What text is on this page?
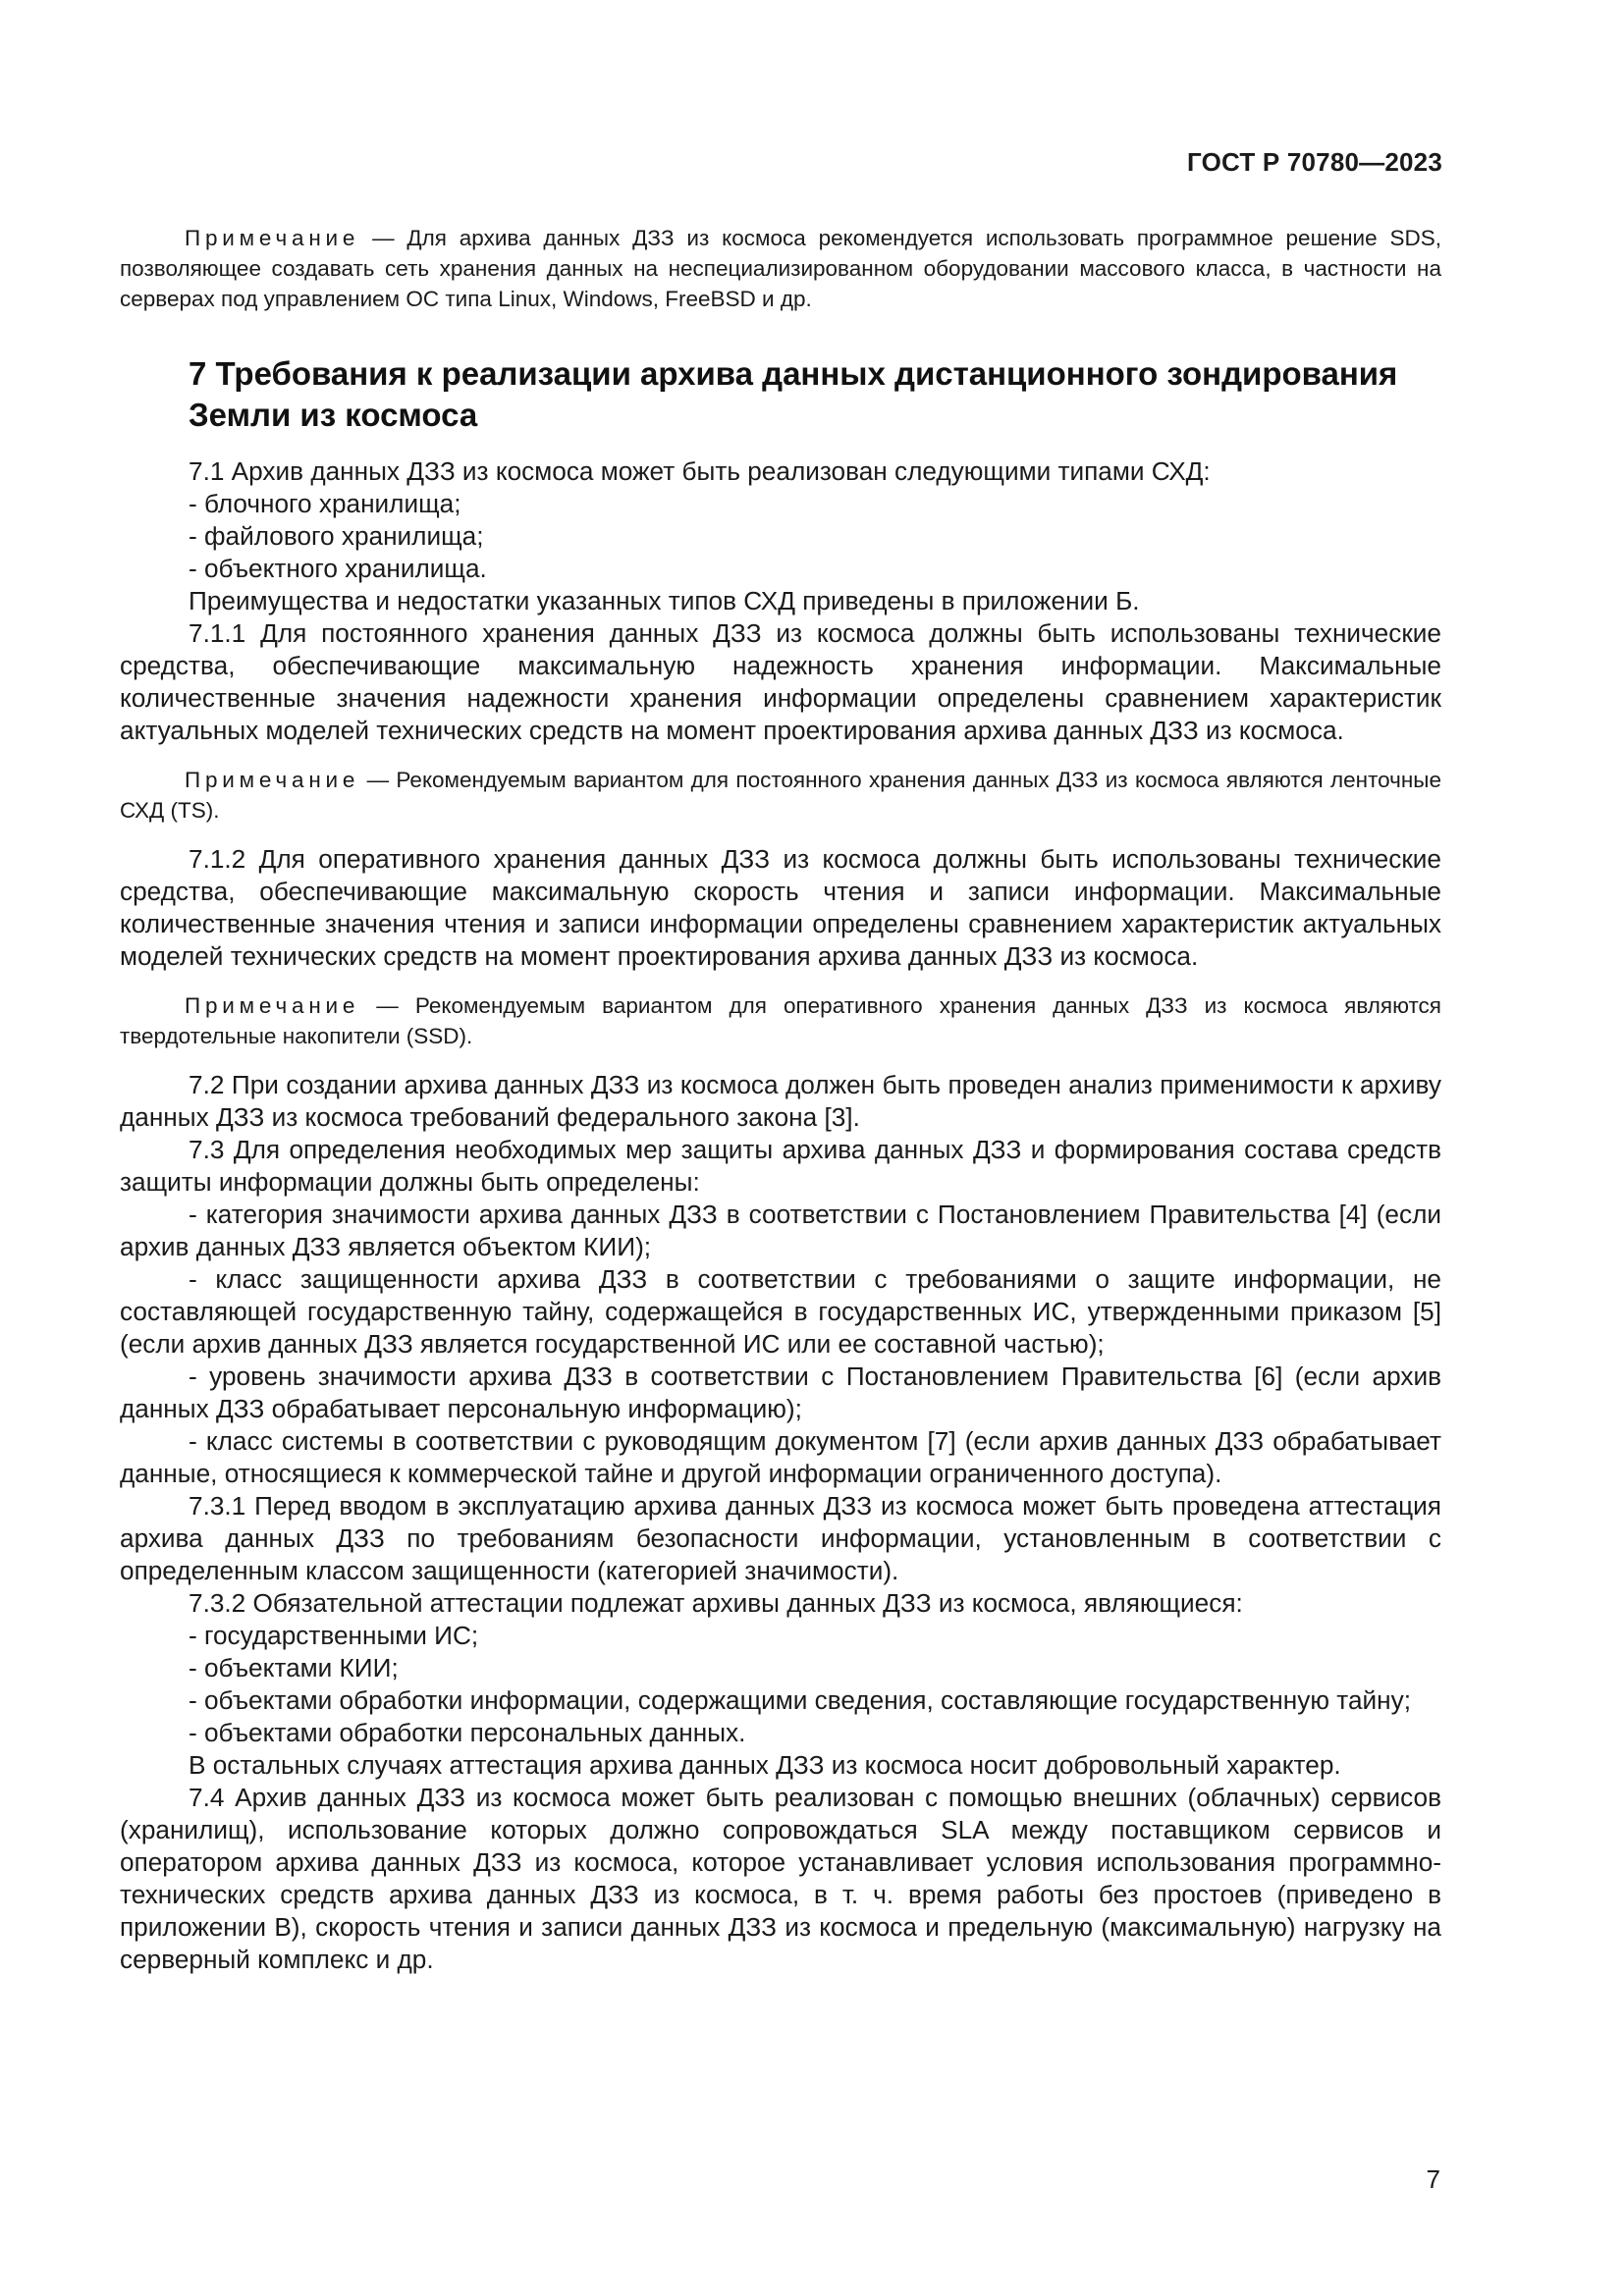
ГОСТ Р 70780—2023

Примечание — Для архива данных ДЗЗ из космоса рекомендуется использовать программное решение SDS, позволяющее создавать сеть хранения данных на неспециализированном оборудовании массового класса, в частности на серверах под управлением ОС типа Linux, Windows, FreeBSD и др.

7 Требования к реализации архива данных дистанционного зондирования Земли из космоса

7.1 Архив данных ДЗЗ из космоса может быть реализован следующими типами СХД:

- блочного хранилища;

- файлового хранилища;

- объектного хранилища.

Преимущества и недостатки указанных типов СХД приведены в приложении Б.

7.1.1 Для постоянного хранения данных ДЗЗ из космоса должны быть использованы технические средства, обеспечивающие максимальную надежность хранения информации. Максимальные количественные значения надежности хранения информации определены сравнением характеристик актуальных моделей технических средств на момент проектирования архива данных ДЗЗ из космоса.

Примечание — Рекомендуемым вариантом для постоянного хранения данных ДЗЗ из космоса являются ленточные СХД (TS).

7.1.2 Для оперативного хранения данных ДЗЗ из космоса должны быть использованы технические средства, обеспечивающие максимальную скорость чтения и записи информации. Максимальные количественные значения чтения и записи информации определены сравнением характеристик актуальных моделей технических средств на момент проектирования архива данных ДЗЗ из космоса.

Примечание — Рекомендуемым вариантом для оперативного хранения данных ДЗЗ из космоса являются твердотельные накопители (SSD).

7.2 При создании архива данных ДЗЗ из космоса должен быть проведен анализ применимости к архиву данных ДЗЗ из космоса требований федерального закона [3].

7.3 Для определения необходимых мер защиты архива данных ДЗЗ и формирования состава средств защиты информации должны быть определены:

- категория значимости архива данных ДЗЗ в соответствии с Постановлением Правительства [4] (если архив данных ДЗЗ является объектом КИИ);

- класс защищенности архива ДЗЗ в соответствии с требованиями о защите информации, не составляющей государственную тайну, содержащейся в государственных ИС, утвержденными приказом [5] (если архив данных ДЗЗ является государственной ИС или ее составной частью);

- уровень значимости архива ДЗЗ в соответствии с Постановлением Правительства [6] (если архив данных ДЗЗ обрабатывает персональную информацию);

- класс системы в соответствии с руководящим документом [7] (если архив данных ДЗЗ обрабатывает данные, относящиеся к коммерческой тайне и другой информации ограниченного доступа).

7.3.1 Перед вводом в эксплуатацию архива данных ДЗЗ из космоса может быть проведена аттестация архива данных ДЗЗ по требованиям безопасности информации, установленным в соответствии с определенным классом защищенности (категорией значимости).

7.3.2 Обязательной аттестации подлежат архивы данных ДЗЗ из космоса, являющиеся:

- государственными ИС;

- объектами КИИ;

- объектами обработки информации, содержащими сведения, составляющие государственную тайну;

- объектами обработки персональных данных.

В остальных случаях аттестация архива данных ДЗЗ из космоса носит добровольный характер.

7.4 Архив данных ДЗЗ из космоса может быть реализован с помощью внешних (облачных) сервисов (хранилищ), использование которых должно сопровождаться SLA между поставщиком сервисов и оператором архива данных ДЗЗ из космоса, которое устанавливает условия использования программно-технических средств архива данных ДЗЗ из космоса, в т. ч. время работы без простоев (приведено в приложении В), скорость чтения и записи данных ДЗЗ из космоса и предельную (максимальную) нагрузку на серверный комплекс и др.

7
